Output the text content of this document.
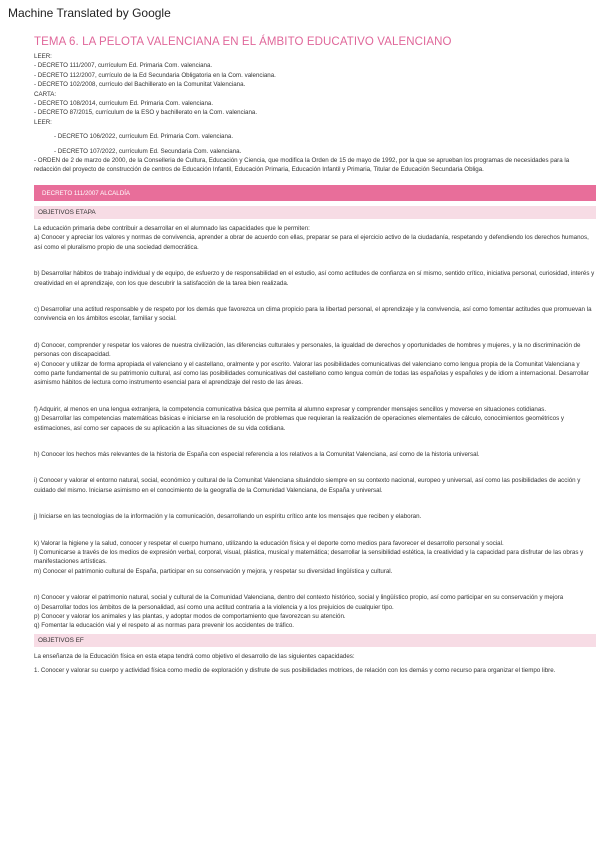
Machine Translated by Google
TEMA 6. LA PELOTA VALENCIANA EN EL ÁMBITO EDUCATIVO VALENCIANO
LEER:
- DECRETO 111/2007, currículum Ed. Primaria Com. valenciana.
- DECRETO 112/2007, currículo de la Ed Secundaria Obligatoria en la Com. valenciana.
- DECRETO 102/2008, currículo del Bachillerato en la Comunitat Valenciana.
CARTA:
- DECRETO 108/2014, currículum Ed. Primaria Com. valenciana.
- DECRETO 87/2015, currículum de la ESO y bachillerato en la Com. valenciana.
LEER:
- DECRETO 106/2022, currículum Ed. Primaria Com. valenciana.
- DECRETO 107/2022, currículum Ed. Secundaria Com. valenciana.
- ORDEN de 2 de marzo de 2000, de la Conselleria de Cultura, Educación y Ciencia, que modifica la Orden de 15 de mayo de 1992, por la que se aprueban los programas de necesidades para la redacción del proyecto de construcción de centros de Educación Infantil, Educación Primaria, Educación Infantil y Primaria, Titular de Educación Secundaria Obliga.
DECRETO 111/2007 ALCALDÍA
OBJETIVOS ETAPA
La educación primaria debe contribuir a desarrollar en el alumnado las capacidades que le permiten:
a) Conocer y apreciar los valores y normas de convivencia, aprender a obrar de acuerdo con ellas, preparar se para el ejercicio activo de la ciudadanía, respetando y defendiendo los derechos humanos, así como el pluralismo propio de una sociedad democrática.
b) Desarrollar hábitos de trabajo individual y de equipo, de esfuerzo y de responsabilidad en el estudio, así como actitudes de confianza en sí mismo, sentido crítico, iniciativa personal, curiosidad, interés y creatividad en el aprendizaje, con los que descubrir la satisfacción de la tarea bien realizada.
c) Desarrollar una actitud responsable y de respeto por los demás que favorezca un clima propicio para la libertad personal, el aprendizaje y la convivencia, así como fomentar actitudes que promuevan la convivencia en los ámbitos escolar, familiar y social.
d) Conocer, comprender y respetar los valores de nuestra civilización, las diferencias culturales y personales, la igualdad de derechos y oportunidades de hombres y mujeres, y la no discriminación de personas con discapacidad.
e) Conocer y utilizar de forma apropiada el valenciano y el castellano, oralmente y por escrito. Valorar las posibilidades comunicativas del valenciano como lengua propia de la Comunitat Valenciana y como parte fundamental de su patrimonio cultural, así como las posibilidades comunicativas del castellano como lengua común de todas las españolas y españoles y de idiom a internacional. Desarrollar asimismo hábitos de lectura como instrumento esencial para el aprendizaje del resto de las áreas.
f) Adquirir, al menos en una lengua extranjera, la competencia comunicativa básica que permita al alumno expresar y comprender mensajes sencillos y moverse en situaciones cotidianas.
g) Desarrollar las competencias matemáticas básicas e iniciarse en la resolución de problemas que requieran la realización de operaciones elementales de cálculo, conocimientos geométricos y estimaciones, así como ser capaces de su aplicación a las situaciones de su vida cotidiana.
h) Conocer los hechos más relevantes de la historia de España con especial referencia a los relativos a la Comunitat Valenciana, así como de la historia universal.
i) Conocer y valorar el entorno natural, social, económico y cultural de la Comunitat Valenciana situándolo siempre en su contexto nacional, europeo y universal, así como las posibilidades de acción y cuidado del mismo. Iniciarse asimismo en el conocimiento de la geografía de la Comunidad Valenciana, de España y universal.
j) Iniciarse en las tecnologías de la información y la comunicación, desarrollando un espíritu crítico ante los mensajes que reciben y elaboran.
k) Valorar la higiene y la salud, conocer y respetar el cuerpo humano, utilizando la educación física y el deporte como medios para favorecer el desarrollo personal y social.
l) Comunicarse a través de los medios de expresión verbal, corporal, visual, plástica, musical y matemática; desarrollar la sensibilidad estética, la creatividad y la capacidad para disfrutar de las obras y manifestaciones artísticas.
m) Conocer el patrimonio cultural de España, participar en su conservación y mejora, y respetar su diversidad lingüística y cultural.
n) Conocer y valorar el patrimonio natural, social y cultural de la Comunidad Valenciana, dentro del contexto histórico, social y lingüístico propio, así como participar en su conservación y mejora
o) Desarrollar todos los ámbitos de la personalidad, así como una actitud contraria a la violencia y a los prejuicios de cualquier tipo.
p) Conocer y valorar los animales y las plantas, y adoptar modos de comportamiento que favorezcan su atención.
q) Fomentar la educación vial y el respeto al as normas para prevenir los accidentes de tráfico.
OBJETIVOS EF
La enseñanza de la Educación física en esta etapa tendrá como objetivo el desarrollo de las siguientes capacidades:
1. Conocer y valorar su cuerpo y actividad física como medio de exploración y disfrute de sus posibilidades motrices, de relación con los demás y como recurso para organizar el tiempo libre.
